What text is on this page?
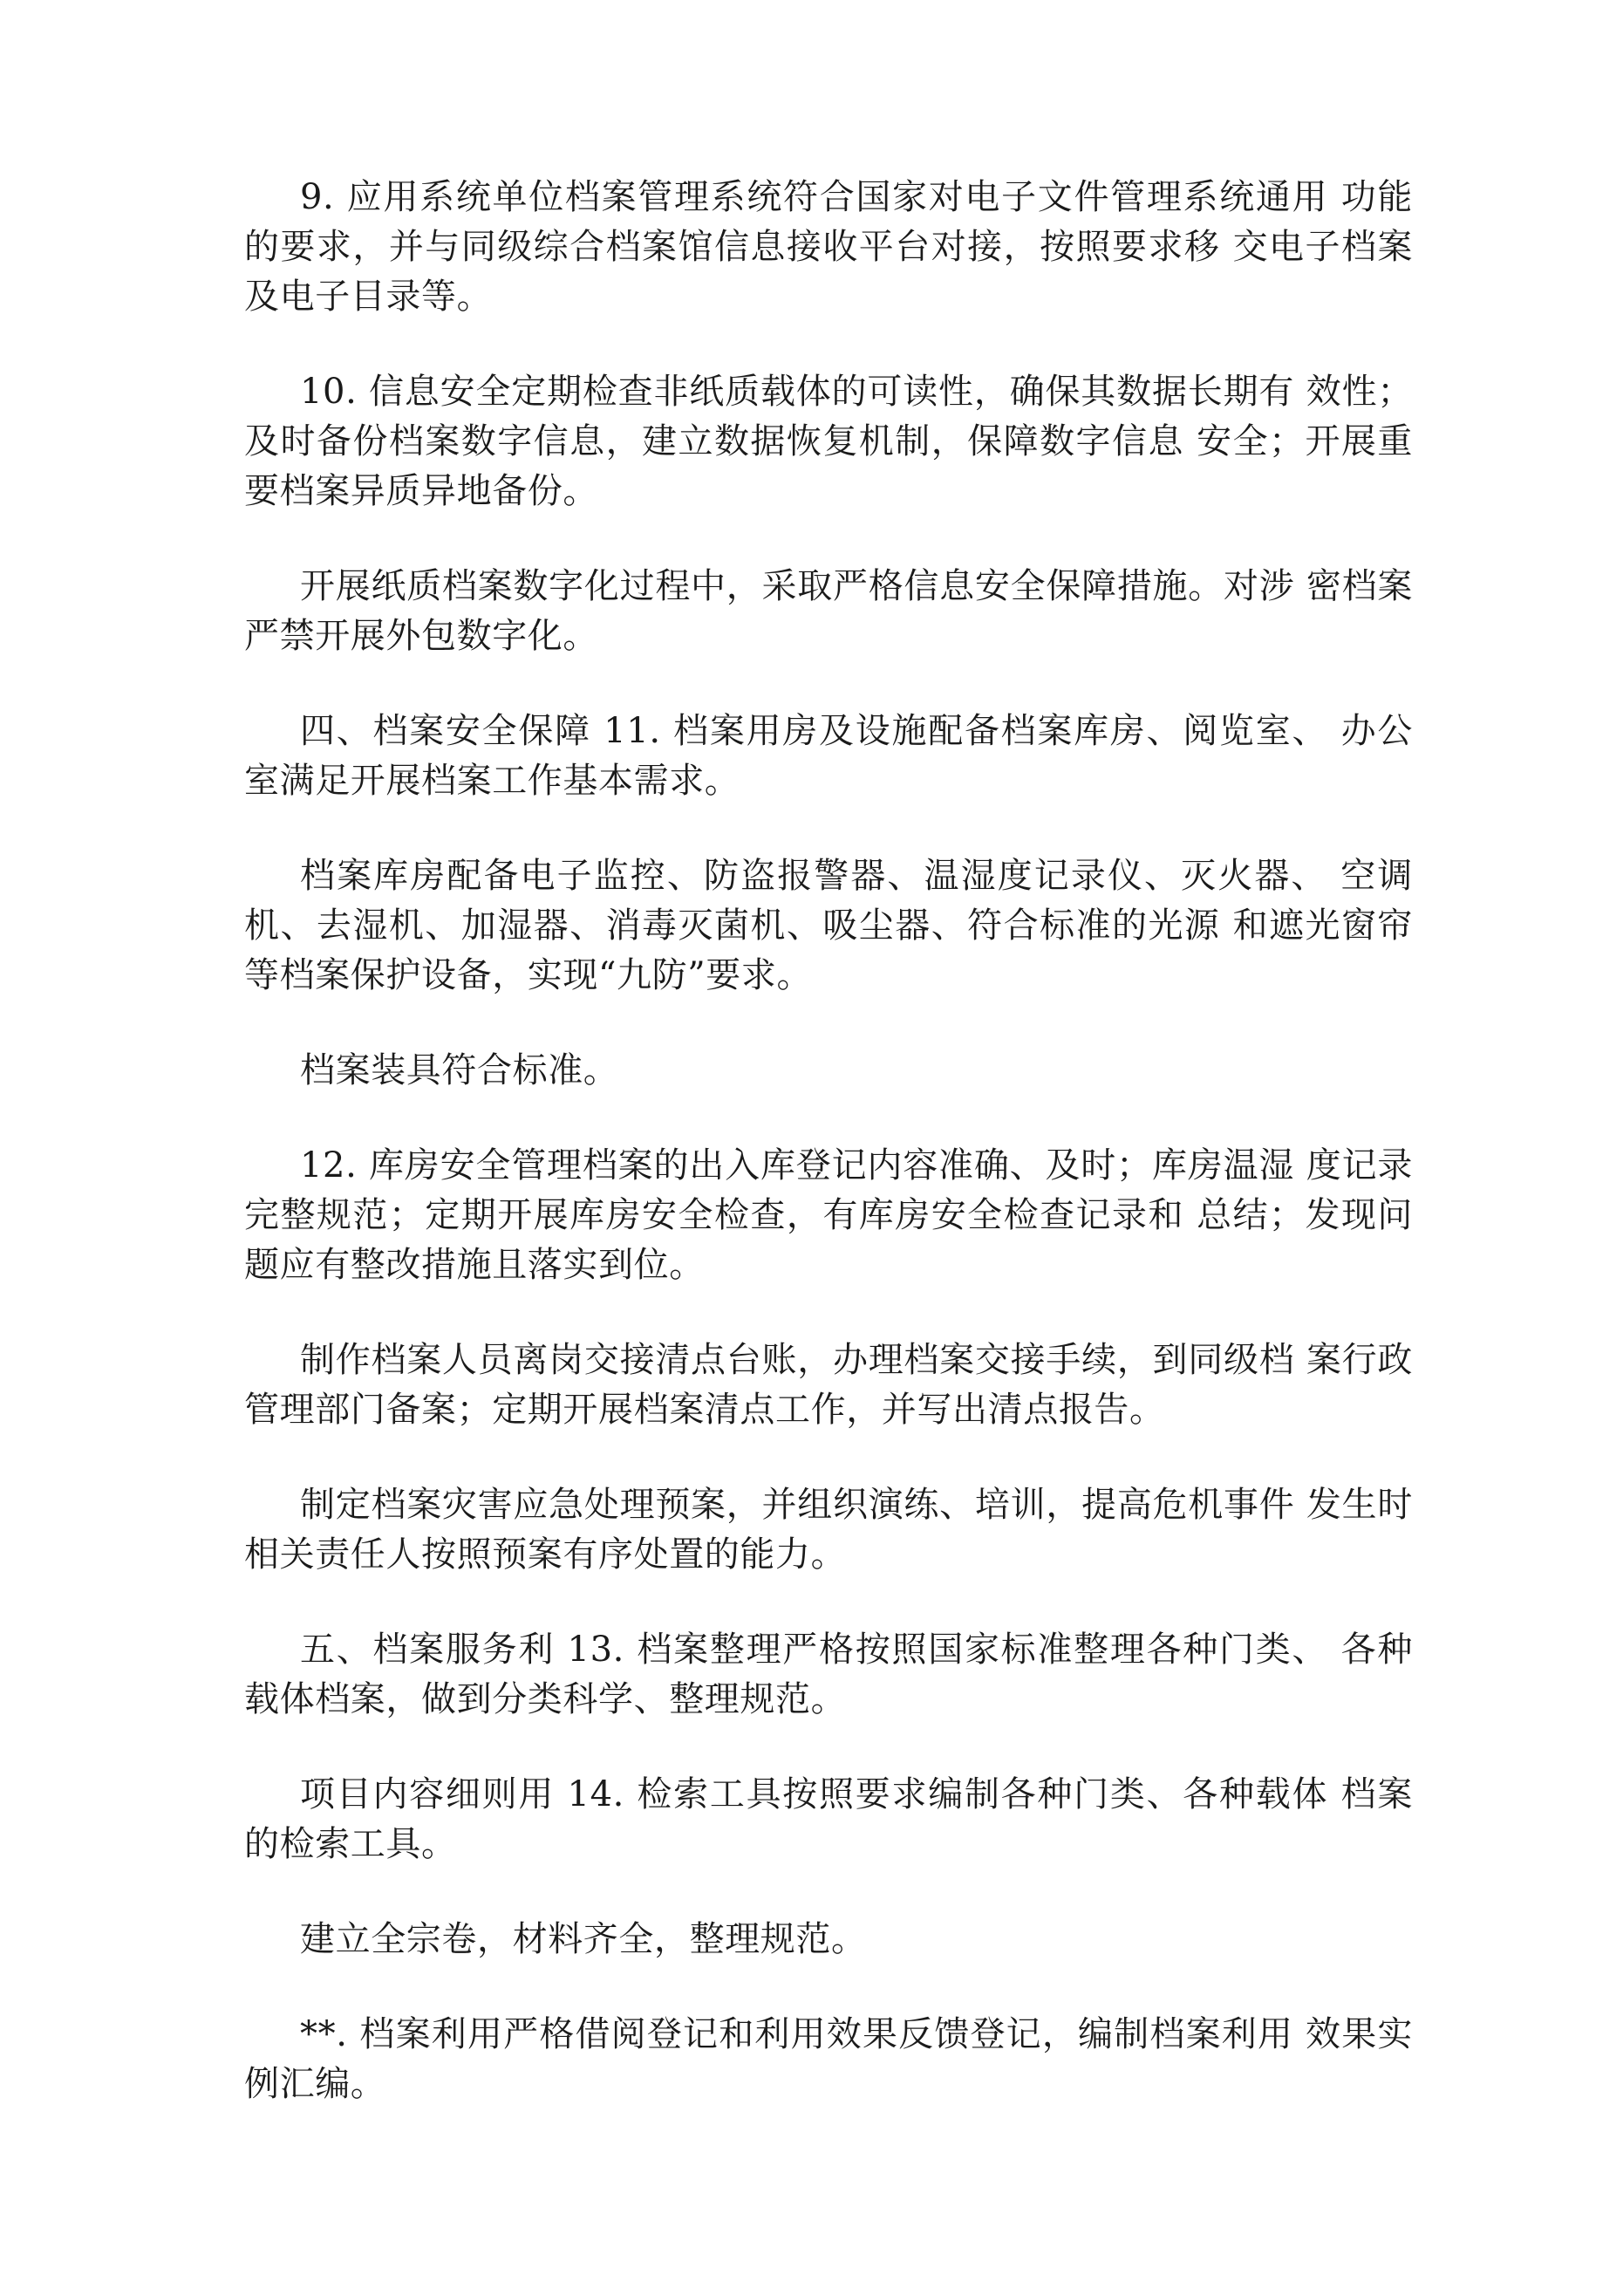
9. 应用系统单位档案管理系统符合国家对电子文件管理系统通用 功能的要求，并与同级综合档案馆信息接收平台对接，按照要求移 交电子档案及电子目录等。

10. 信息安全定期检查非纸质载体的可读性，确保其数据长期有 效性；及时备份档案数字信息，建立数据恢复机制，保障数字信息 安全；开展重要档案异质异地备份。

开展纸质档案数字化过程中，采取严格信息安全保障措施。对涉 密档案严禁开展外包数字化。

四、档案安全保障 11. 档案用房及设施配备档案库房、阅览室、 办公室满足开展档案工作基本需求。

档案库房配备电子监控、防盗报警器、温湿度记录仪、灭火器、 空调机、去湿机、加湿器、消毒灭菌机、吸尘器、符合标准的光源 和遮光窗帘等档案保护设备，实现“九防”要求。

档案装具符合标准。

12. 库房安全管理档案的出入库登记内容准确、及时；库房温湿 度记录完整规范；定期开展库房安全检查，有库房安全检查记录和 总结；发现问题应有整改措施且落实到位。

制作档案人员离岗交接清点台账，办理档案交接手续，到同级档 案行政管理部门备案；定期开展档案清点工作，并写出清点报告。

制定档案灾害应急处理预案，并组织演练、培训，提高危机事件 发生时相关责任人按照预案有序处置的能力。

五、档案服务利 13. 档案整理严格按照国家标准整理各种门类、 各种载体档案，做到分类科学、整理规范。

项目内容细则用 14. 检索工具按照要求编制各种门类、各种载体 档案的检索工具。

建立全宗卷，材料齐全，整理规范。

**. 档案利用严格借阅登记和利用效果反馈登记，编制档案利用 效果实例汇编。
